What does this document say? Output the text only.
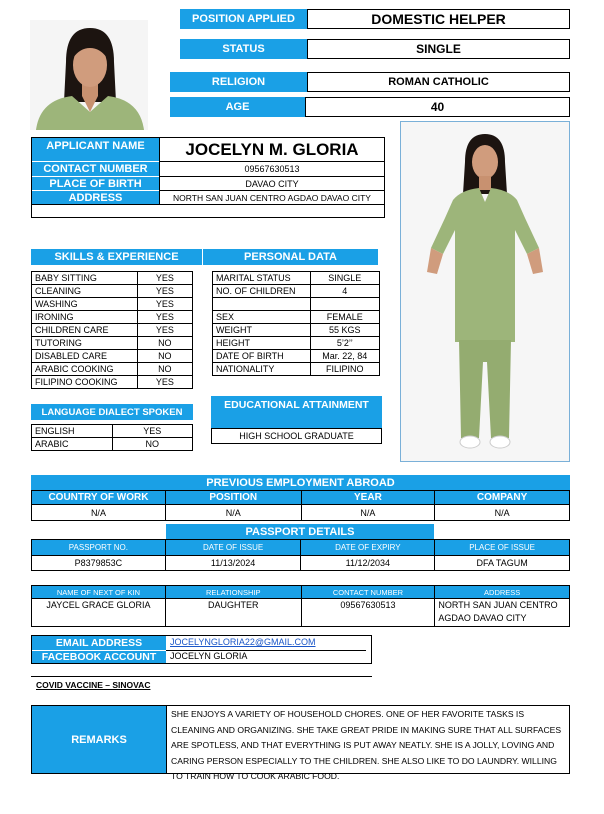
POSITION APPLIED	DOMESTIC HELPER
STATUS	SINGLE
RELIGION	ROMAN CATHOLIC
AGE	40
APPLICANT NAME	JOCELYN M. GLORIA
CONTACT NUMBER	09567630513
PLACE OF BIRTH	DAVAO CITY
ADDRESS	NORTH SAN JUAN CENTRO AGDAO DAVAO CITY
SKILLS & EXPERIENCE
BABY SITTING	YES
CLEANING	YES
WASHING	YES
IRONING	YES
CHILDREN CARE	YES
TUTORING	NO
DISABLED CARE	NO
ARABIC COOKING	NO
FILIPINO COOKING	YES
PERSONAL DATA
MARITAL STATUS	SINGLE
NO. OF CHILDREN	4

SEX	FEMALE
WEIGHT	55 KGS
HEIGHT	5’2’’
DATE OF BIRTH	Mar. 22, 84
NATIONALITY	FILIPINO
LANGUAGE DIALECT SPOKEN
ENGLISH	YES
ARABIC	NO
EDUCATIONAL ATTAINMENT
HIGH SCHOOL GRADUATE
PREVIOUS EMPLOYMENT ABROAD
COUNTRY OF WORK	POSITION	YEAR	COMPANY
N/A	N/A	N/A	N/A
PASSPORT DETAILS
PASSPORT NO.	DATE OF ISSUE	DATE OF EXPIRY	PLACE OF ISSUE
P8379853C	11/13/2024	11/12/2034	DFA TAGUM
NAME OF NEXT OF KIN	RELATIONSHIP	CONTACT NUMBER	ADDRESS
JAYCEL GRACE GLORIA	DAUGHTER	09567630513	NORTH SAN JUAN CENTRO AGDAO DAVAO CITY
EMAIL ADDRESS	JOCELYNGLORIA22@GMAIL.COM
FACEBOOK ACCOUNT	JOCELYN GLORIA
COVID VACCINE – SINOVAC
REMARKS
SHE ENJOYS A VARIETY OF HOUSEHOLD CHORES. ONE OF HER FAVORITE TASKS IS CLEANING AND ORGANIZING. SHE TAKE GREAT PRIDE IN MAKING SURE THAT ALL SURFACES ARE SPOTLESS, AND THAT EVERYTHING IS PUT AWAY NEATLY. SHE IS A JOLLY, LOVING AND CARING PERSON ESPECIALLY TO THE CHILDREN. SHE ALSO LIKE TO DO LAUNDRY. WILLING TO TRAIN HOW TO COOK ARABIC FOOD.
